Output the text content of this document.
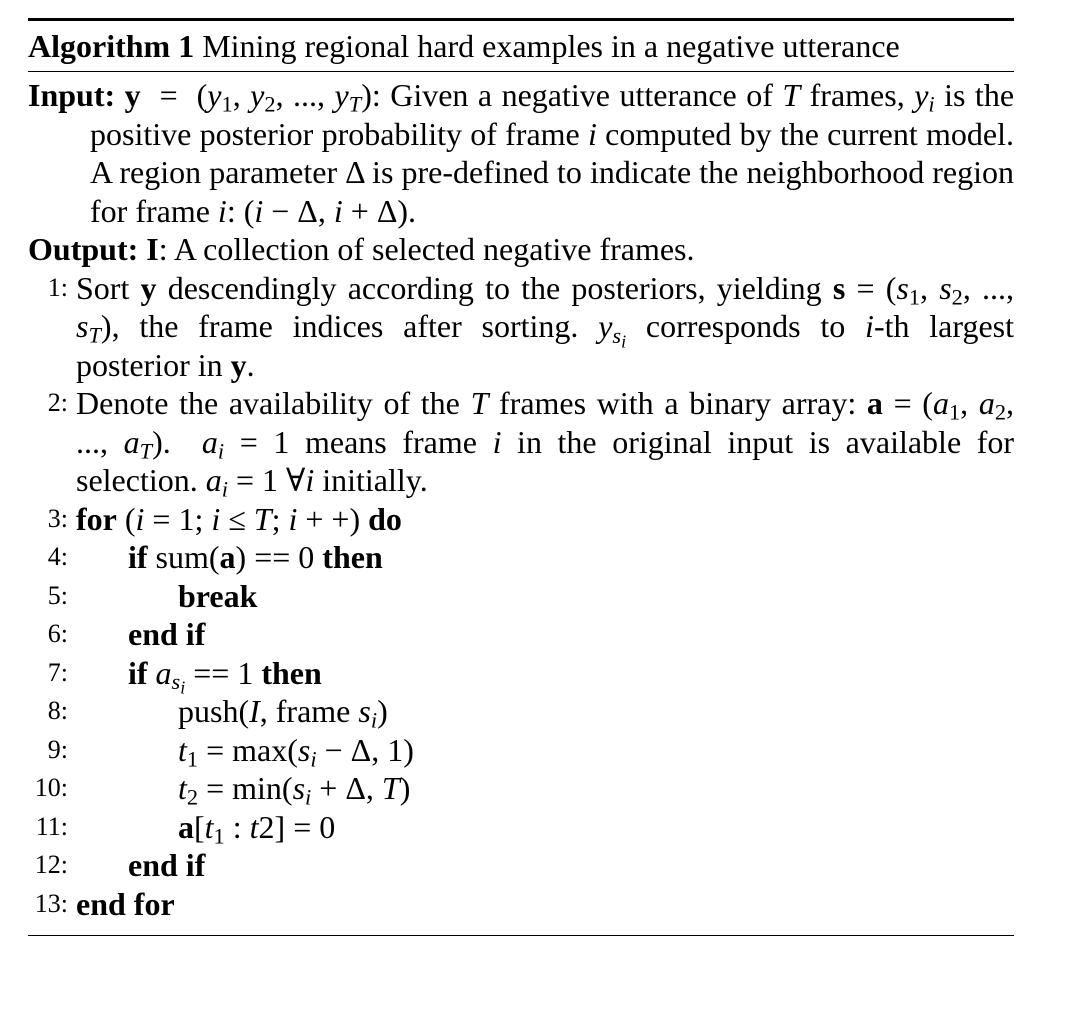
Algorithm 1 Mining regional hard examples in a negative utterance
Input: $y = (y_1$, $y_2$, ..., $y_T$): Given a negative utterance of T frames, $y_i$ is the positive posterior probability of frame i computed by the current model. A region parameter Δ is pre-defined to indicate the neighborhood region for frame i: (i − Δ, i + Δ).
Output: I: A collection of selected negative frames.
1: Sort y descendingly according to the posteriors, yielding $s = (s_1$, $s_2$, ..., $s_T$), the frame indices after sorting. $y_{s_i}$ corresponds to i-th largest posterior in y.
2: Denote the availability of the T frames with a binary array: $a = (a_1$, $a_2$, ..., $a_T$).  $a_i = 1$ means frame i in the original input is available for selection. $a_i = 1$ ∀i initially.
3: for (i = 1; i ≤ T; i + +) do
4: if sum(a) == 0 then
5:	break
6: end if
7: if $a_{s_i} == 1$ then
8:	push(I, frame $s_i$)
9:	$t_1 = \max(s_i - \Delta$, 1)
10:	$t_2 = \min(s_i + \Delta$, T)
11:	$a[t_1$ : t2] = 0
12: end if
13: end for
